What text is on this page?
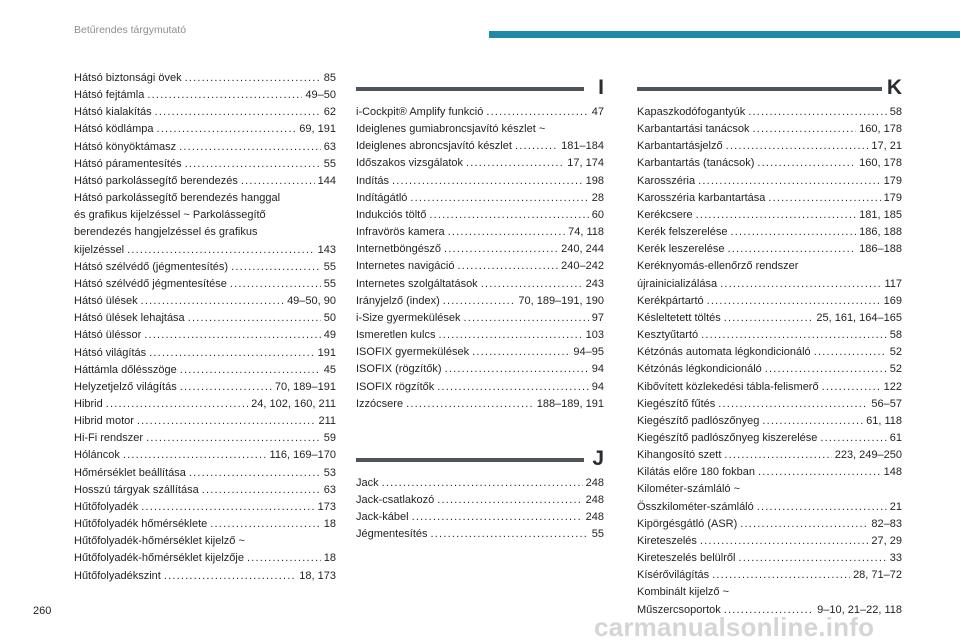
Betűrendes tárgymutató
Hátsó biztonsági övek .....	85
Hátsó fejtámla .....	49–50
Hátsó kialakítás .....	62
Hátsó ködlámpa .....	69, 191
Hátsó könyöktámasz .....	63
Hátsó páramentesítés .....	55
Hátsó parkolássegítő berendezés .....	144
Hátsó parkolássegítő berendezés hanggal
és grafikus kijelzéssel ~ Parkolássegítő
berendezés hangjelzéssel és grafikus
kijelzéssel .....	143
Hátsó szélvédő (jégmentesítés) .....	55
Hátsó szélvédő jégmentesítése .....	55
Hátsó ülések .....	49–50, 90
Hátsó ülések lehajtása .....	50
Hátsó üléssor .....	49
Hátsó világítás .....	191
Háttámla dőlésszöge .....	45
Helyzetjelző világítás .....	70, 189–191
Hibrid .....	24, 102, 160, 211
Hibrid motor .....	211
Hi-Fi rendszer .....	59
Hóláncok .....	116, 169–170
Hőmérséklet beállítása .....	53
Hosszú tárgyak szállítása .....	63
Hűtőfolyadék .....	173
Hűtőfolyadék hőmérséklete .....	18
Hűtőfolyadék-hőmérséklet kijelző ~
Hűtőfolyadék-hőmérséklet kijelzője .....	18
Hűtőfolyadékszint .....	18, 173
I
i-Cockpit® Amplify funkció .....	47
Ideiglenes gumiabroncsjavító készlet ~
Ideiglenes abroncsjavító készlet .....	181–184
Időszakos vizsgálatok .....	17, 174
Indítás .....	198
Indítágátló .....	28
Indukciós töltő .....	60
Infravörös kamera .....	74, 118
Internetböngésző .....	240, 244
Internetes navigáció .....	240–242
Internetes szolgáltatások .....	243
Irányjelző (index) .....	70, 189–191, 190
i-Size gyermekülések .....	97
Ismeretlen kulcs .....	103
ISOFIX gyermekülések .....	94–95
ISOFIX (rögzítők) .....	94
ISOFIX rögzítők .....	94
Izzócsere .....	188–189, 191
J
Jack .....	248
Jack-csatlakozó .....	248
Jack-kábel .....	248
Jégmentesítés .....	55
K
Kapaszkodófogantyúk .....	58
Karbantartási tanácsok .....	160, 178
Karbantartásjelző .....	17, 21
Karbantartás (tanácsok) .....	160, 178
Karosszéria .....	179
Karosszéria karbantartása .....	179
Kerékcsere .....	181, 185
Kerék felszerelése .....	186, 188
Kerék leszerelése .....	186–188
Keréknyomás-ellenőrző rendszer
újrainicializálása .....	117
Kerékpártartó .....	169
Késleltetett töltés .....	25, 161, 164–165
Kesztyűtartó .....	58
Kétzónás automata légkondicionáló .....	52
Kétzónás légkondicionáló .....	52
Kibővített közlekedési tábla-felismerő .....	122
Kiegészítő fűtés .....	56–57
Kiegészítő padlószőnyeg .....	61, 118
Kiegészítő padlószőnyeg kiszerelése .....	61
Kihangosító szett .....	223, 249–250
Kilátás előre 180 fokban .....	148
Kilométer-számláló ~
Összkilométer-számláló .....	21
Kipörgésgátló (ASR) .....	82–83
Kireteszelés .....	27, 29
Kireteszelés belülről .....	33
Kísérővilágítás .....	28, 71–72
Kombinált kijelző ~
Műszercsoportok .....	9–10, 21–22, 118
260
carmanualsonline.info
